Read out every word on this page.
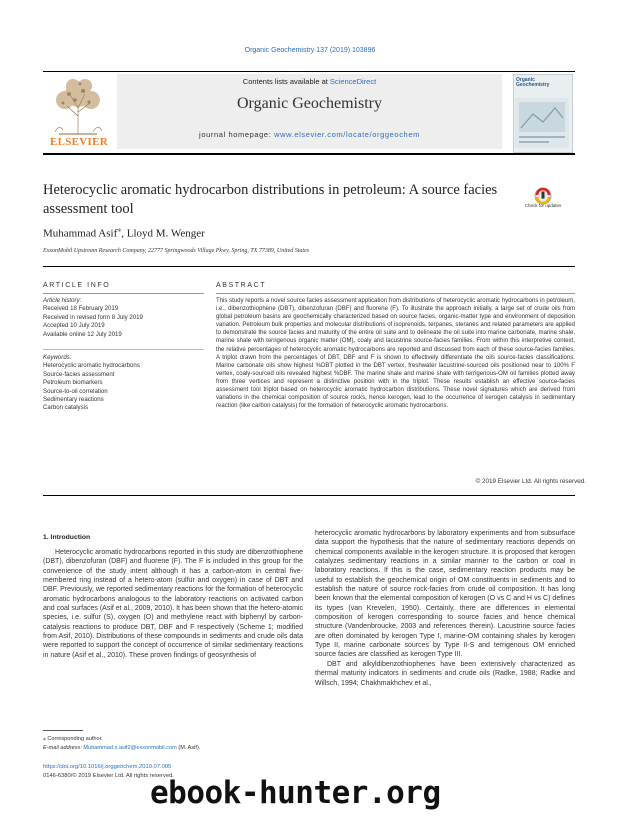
Organic Geochemistry 137 (2019) 103896
ELSEVIER
Contents lists available at ScienceDirect
Organic Geochemistry
journal homepage: www.elsevier.com/locate/orggeochem
Organic Geochemistry
Heterocyclic aromatic hydrocarbon distributions in petroleum: A source facies assessment tool	Check for updates
Muhammad Asif⁎, Lloyd M. Wenger
ExxonMobil Upstream Research Company, 22777 Springwoods Village Pkwy, Spring, TX 77389, United States
ARTICLE INFO	ABSTRACT
Article history:
Received 18 February 2019
Received in revised form 8 July 2019
Accepted 10 July 2019
Available online 12 July 2019
Keywords:
Heterocyclic aromatic hydrocarbons
Source-facies assessment
Petroleum biomarkers
Source-to-oil correlation
Sedimentary reactions
Carbon catalysis
This study reports a novel source facies assessment application from distributions of heterocyclic aromatic hydrocarbons in petroleum, i.e., dibenzothiophene (DBT), dibenzofuran (DBF) and fluorene (F). To illustrate the approach initially, a large set of crude oils from global petroleum basins are geochemically characterized based on source facies, organic-matter type and environment of deposition variation. Petroleum bulk properties and molecular distributions of isoprenoids, terpanes, steranes and related parameters are applied to demonstrate the source facies and maturity of the entire oil suite and to delineate the oil suite into marine carbonate, marine shale, marine shale with terrigenous organic matter (OM), coaly and lacustrine source-facies families. From within this interpretive context, the relative percentages of heterocyclic aromatic hydrocarbons are reported and discussed from each of these source-facies families. A triplot drawn from the percentages of DBT, DBF and F is shown to effectively differentiate the oils source-facies classifications. Marine carbonate oils show highest %DBT plotted in the DBT vertex, freshwater lacustrine-sourced oils positioned near to 100% F vertex, coaly-sourced oils revealed highest %DBF. The marine shale and marine shale with terrigenous-OM oil families plotted away from three vertices and represent a distinctive position with in the triplot. These results establish an effective source-facies assessment tool triplot based on heterocyclic aromatic hydrocarbon distributions. These novel signatures which are derived from variations in the chemical composition of source rocks, hence kerogen, lead to the occurrence of kerogen catalysis in sedimentary reaction (like carbon catalysis) for the formation of heterocyclic aromatic hydrocarbons.
© 2019 Elsevier Ltd. All rights reserved.
1. Introduction

Heterocyclic aromatic hydrocarbons reported in this study are dibenzothiophene (DBT), dibenzofuran (DBF) and fluorene (F). The F is included in this group for the convenience of the study intent although it has a carbon-atom in central five-membered ring instead of a hetero-atom (sulfur and oxygen) in case of DBT and DBF. Previously, we reported sedimentary reactions for the formation of heterocyclic aromatic hydrocarbons analogous to the laboratory reactions on activated carbon and coal surfaces (Asif et al., 2009, 2010). It has been shown that the hetero-atomic species, i.e. sulfur (S), oxygen (O) and methylene react with biphenyl by carbon-catalysis reactions to produce DBT, DBF and F respectively (Scheme 1; modified from Asif, 2010). Distributions of these compounds in sediments and crude oils data were reported to support the concept of occurrence of similar sedimentary reactions in nature (Asif et al., 2010). These proven findings of geosynthesis of

heterocyclic aromatic hydrocarbons by laboratory experiments and from subsurface data support the hypothesis that the nature of sedimentary reactions depends on chemical components available in the kerogen structure. It is proposed that kerogen catalyzes sedimentary reactions in a similar manner to the carbon or coal in laboratory reactions. If this is the case, sedimentary reaction products may be useful to establish the geochemical origin of OM constituents in sediments and to establish the nature of source rock-facies from crude oil composition. It has long been known that the elemental composition of kerogen (O vs C and H vs C) defines its types (van Krevelen, 1950). Certainly, there are differences in elemental composition of kerogen corresponding to source facies and hence chemical structure (Vandenbroucke, 2003 and references therein). Lacustrine source facies are often dominated by kerogen Type I, marine-OM containing shales by kerogen Type II, marine carbonate sources by Type II-S and terrigenous OM enriched source facies are classified as kerogen Type III.

DBT and alkyldibenzothiophenes have been extensively characterized as thermal maturity indicators in sediments and crude oils (Radke, 1988; Radke and Willsch, 1994; Chakhmakhchev et al.,

⁎ Corresponding author.
E-mail address: Muhammad.x.asif2@exxonmobil.com (M. Asif).
https://doi.org/10.1016/j.orggeochem.2019.07.005
0146-6380/© 2019 Elsevier Ltd. All rights reserved.
ebook-hunter.org
